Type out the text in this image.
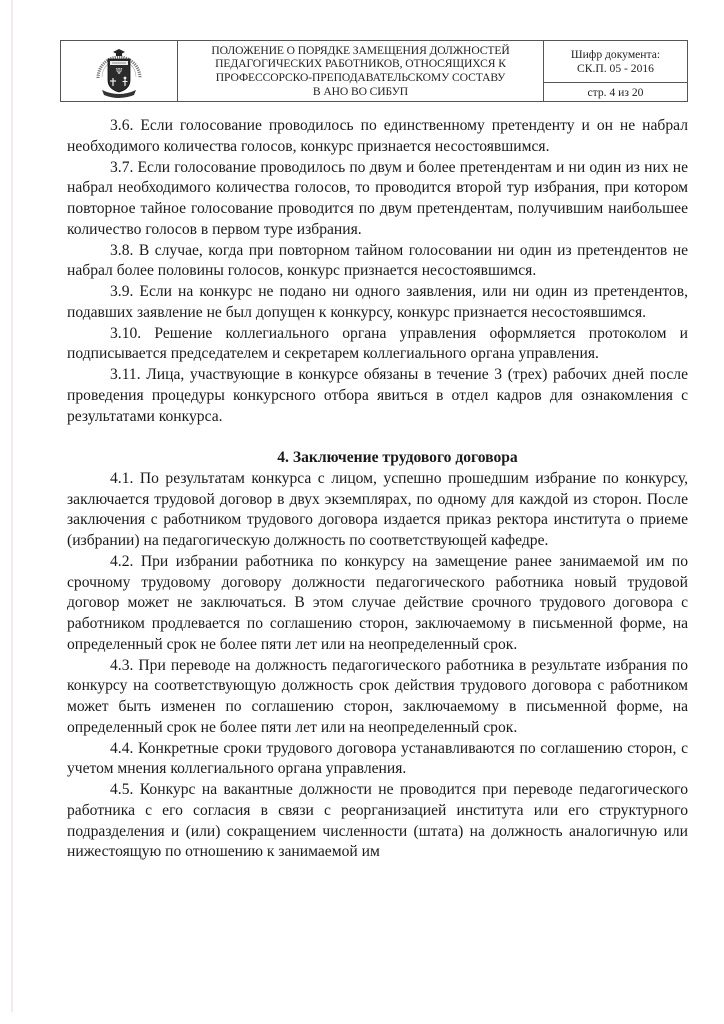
Ψ
ПОЛОЖЕНИЕ О ПОРЯДКЕ ЗАМЕЩЕНИЯ ДОЛЖНОСТЕЙ
ПЕДАГОГИЧЕСКИХ РАБОТНИКОВ, ОТНОСЯЩИХСЯ К
ПРОФЕССОРСКО-ПРЕПОДАВАТЕЛЬСКОМУ СОСТАВУ
В АНО ВО СИБУП
Шифр документа:
СК.П. 05 - 2016
стр. 4 из 20

3.6. Если голосование проводилось по единственному претенденту и он не набрал необходимого количества голосов, конкурс признается несостоявшимся.

3.7. Если голосование проводилось по двум и более претендентам и ни один из них не набрал необходимого количества голосов, то проводится второй тур избрания, при котором повторное тайное голосование проводится по двум претендентам, получившим наибольшее количество голосов в первом туре избрания.

3.8. В случае, когда при повторном тайном голосовании ни один из претендентов не набрал более половины голосов, конкурс признается несостоявшимся.

3.9. Если на конкурс не подано ни одного заявления, или ни один из претендентов, подавших заявление не был допущен к конкурсу, конкурс признается несостоявшимся.

3.10. Решение коллегиального органа управления оформляется протоколом и подписывается председателем и секретарем коллегиального органа управления.

3.11. Лица, участвующие в конкурсе обязаны в течение 3 (трех) рабочих дней после проведения процедуры конкурсного отбора явиться в отдел кадров для ознакомления с результатами конкурса.

4. Заключение трудового договора

4.1. По результатам конкурса с лицом, успешно прошедшим избрание по конкурсу, заключается трудовой договор в двух экземплярах, по одному для каждой из сторон. После заключения с работником трудового договора издается приказ ректора института о приеме (избрании) на педагогическую должность по соответствующей кафедре.

4.2. При избрании работника по конкурсу на замещение ранее занимаемой им по срочному трудовому договору должности педагогического работника новый трудовой договор может не заключаться. В этом случае действие срочного трудового договора с работником продлевается по соглашению сторон, заключаемому в письменной форме, на определенный срок не более пяти лет или на неопределенный срок.

4.3. При переводе на должность педагогического работника в результате избрания по конкурсу на соответствующую должность срок действия трудового договора с работником может быть изменен по соглашению сторон, заключаемому в письменной форме, на определенный срок не более пяти лет или на неопределенный срок.

4.4. Конкретные сроки трудового договора устанавливаются по соглашению сторон, с учетом мнения коллегиального органа управления.

4.5. Конкурс на вакантные должности не проводится при переводе педагогического работника с его согласия в связи с реорганизацией института или его структурного подразделения и (или) сокращением численности (штата) на должность аналогичную или нижестоящую по отношению к занимаемой им
